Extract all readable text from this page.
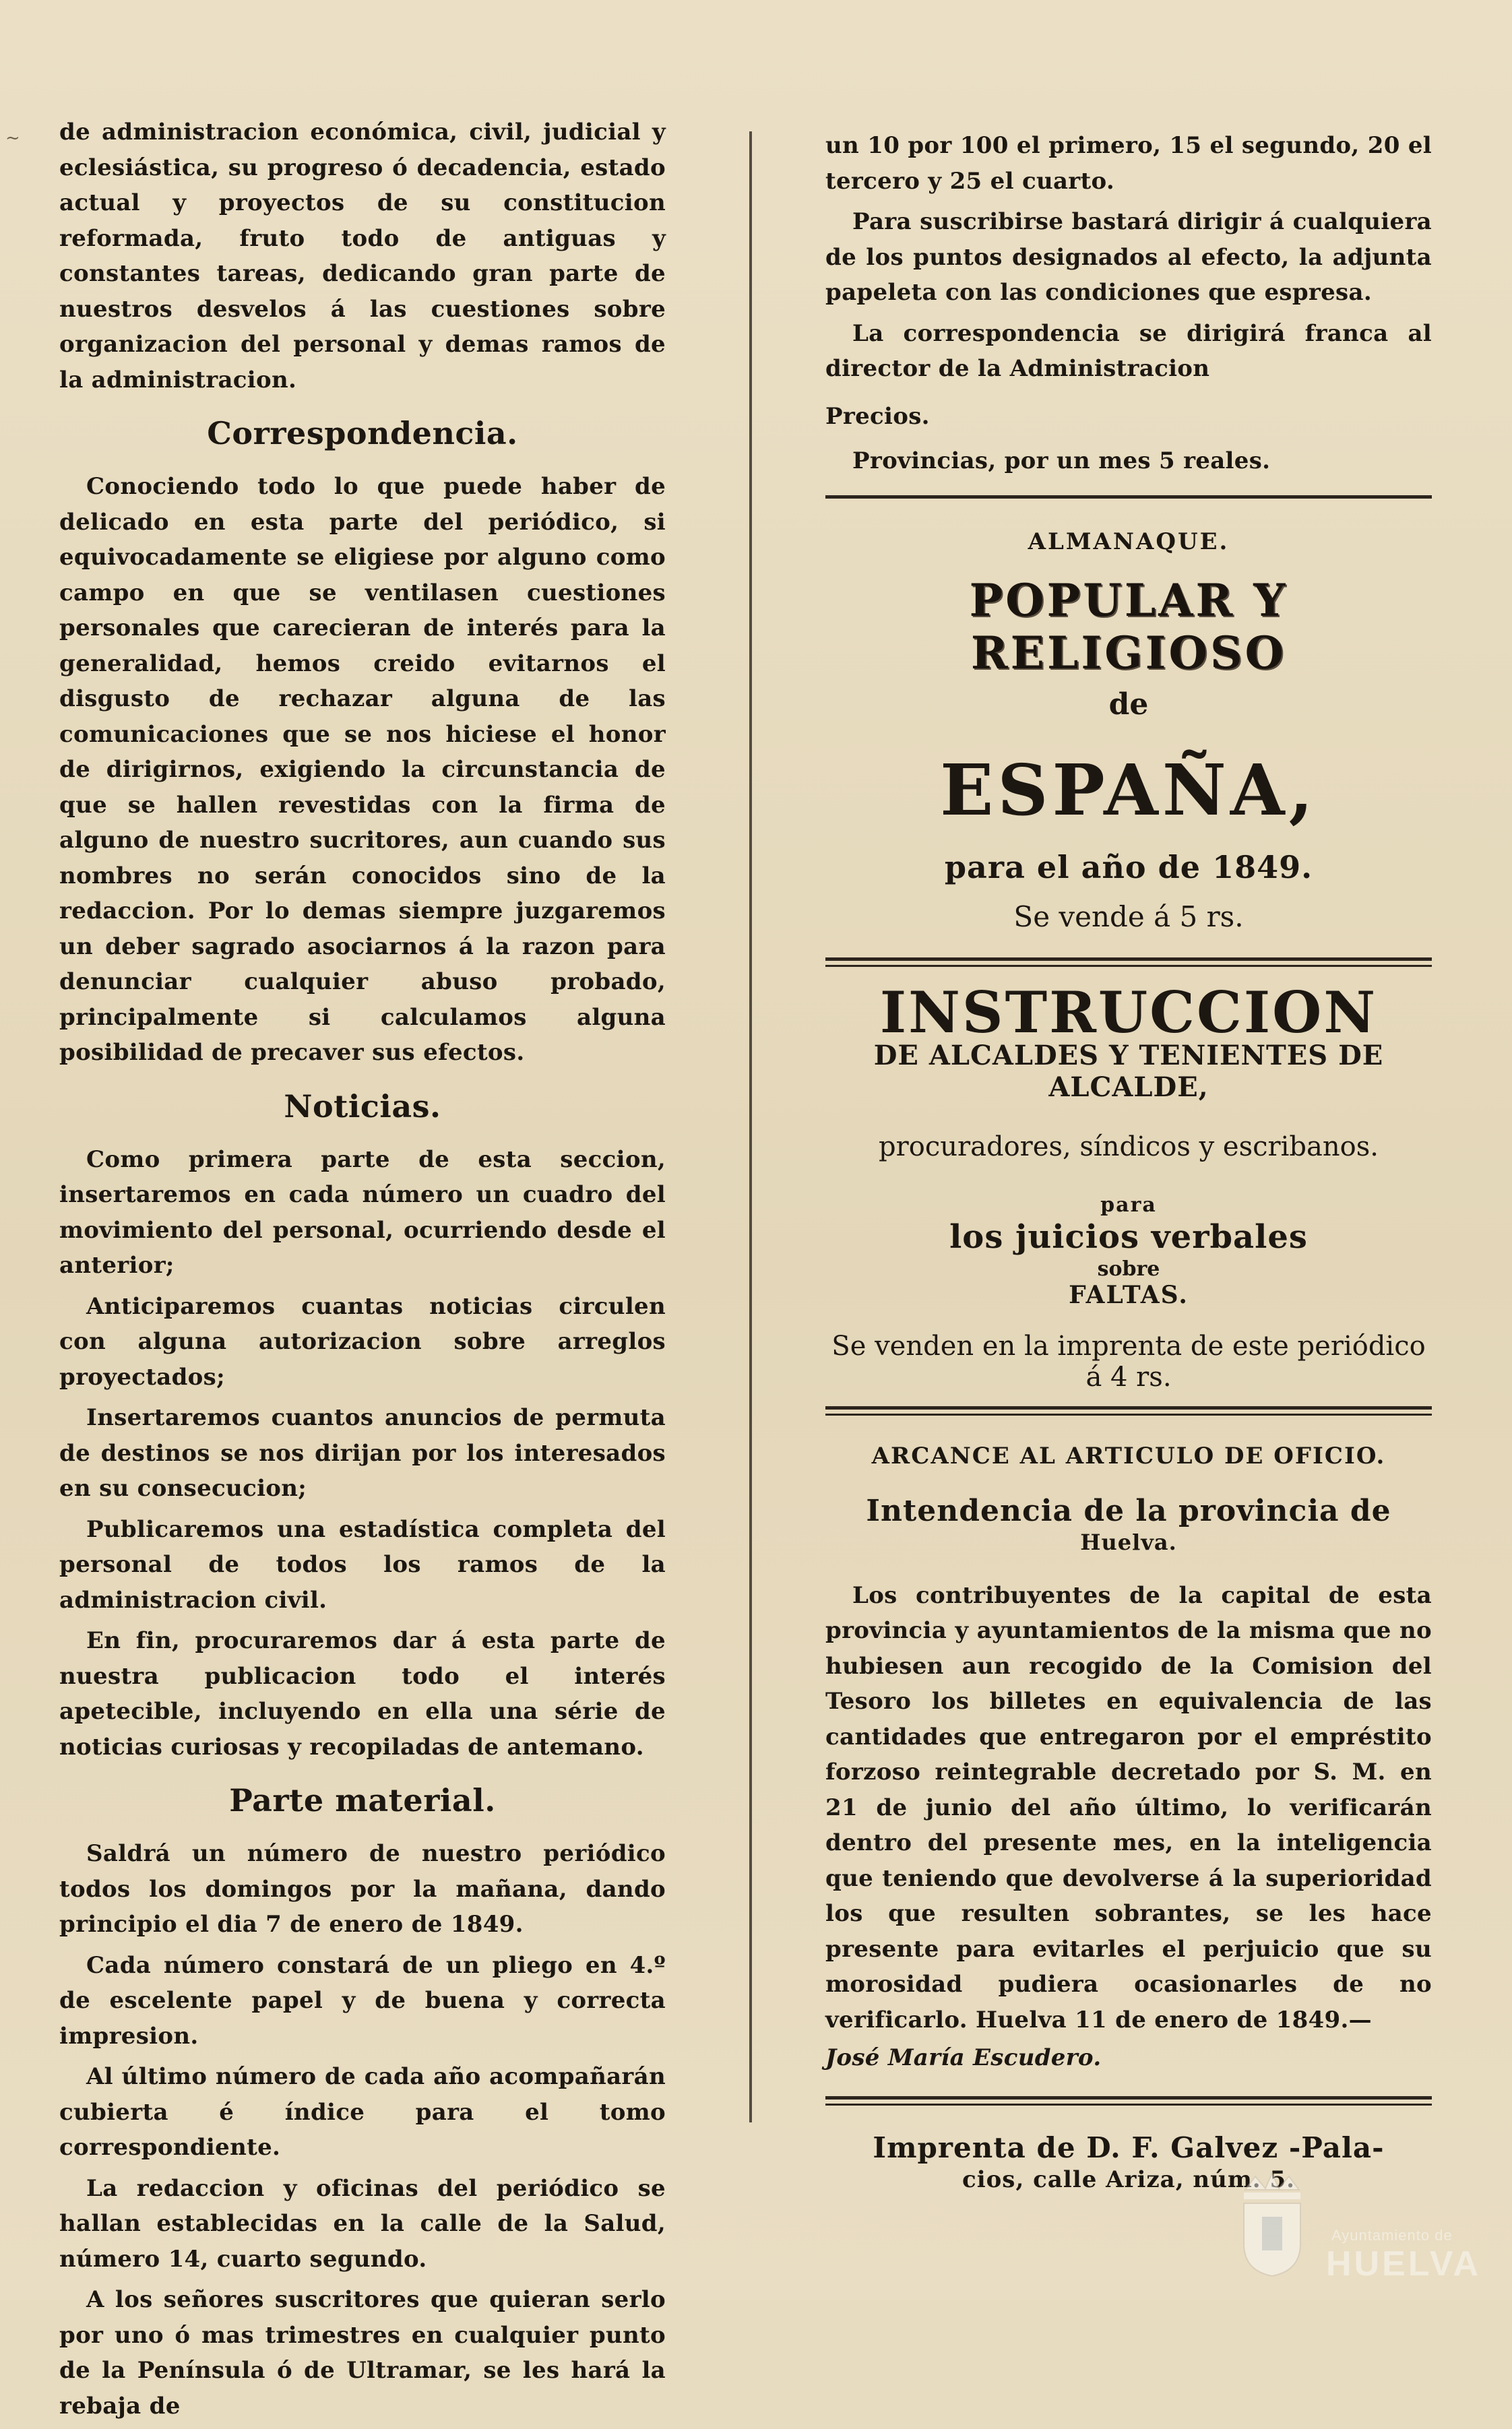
~ de administracion económica, civil, judicial y eclesiástica, su progreso ó decadencia, estado actual y proyectos de su constitucion reformada, fruto todo de antiguas y constantes tareas, dedicando gran parte de nuestros desvelos á las cuestiones sobre organizacion del personal y demas ramos de la administracion.

Correspondencia.

Conociendo todo lo que puede haber de delicado en esta parte del periódico, si equivocadamente se eligiese por alguno como campo en que se ventilasen cuestiones personales que carecieran de interés para la generalidad, hemos creido evitarnos el disgusto de rechazar alguna de las comunicaciones que se nos hiciese el honor de dirigirnos, exigiendo la circunstancia de que se hallen revestidas con la firma de alguno de nuestro sucritores, aun cuando sus nombres no serán conocidos sino de la redaccion. Por lo demas siempre juzgaremos un deber sagrado asociarnos á la razon para denunciar cualquier abuso probado, principalmente si calculamos alguna posibilidad de precaver sus efectos.

Noticias.

Como primera parte de esta seccion, insertaremos en cada número un cuadro del movimiento del personal, ocurriendo desde el anterior;

Anticiparemos cuantas noticias circulen con alguna autorizacion sobre arreglos proyectados;

Insertaremos cuantos anuncios de permuta de destinos se nos dirijan por los interesados en su consecucion;

Publicaremos una estadística completa del personal de todos los ramos de la administracion civil.

En fin, procuraremos dar á esta parte de nuestra publicacion todo el interés apetecible, incluyendo en ella una série de noticias curiosas y recopiladas de antemano.

Parte material.

Saldrá un número de nuestro periódico todos los domingos por la mañana, dando principio el dia 7 de enero de 1849.

Cada número constará de un pliego en 4.º de escelente papel y de buena y correcta impresion.

Al último número de cada año acompañarán cubierta é índice para el tomo correspondiente.

La redaccion y oficinas del periódico se hallan establecidas en la calle de la Salud, número 14, cuarto segundo.

A los señores suscritores que quieran serlo por uno ó mas trimestres en cualquier punto de la Península ó de Ultramar, se les hará la rebaja de

un 10 por 100 el primero, 15 el segundo, 20 el tercero y 25 el cuarto.

Para suscribirse bastará dirigir á cualquiera de los puntos designados al efecto, la adjunta papeleta con las condiciones que espresa.

La correspondencia se dirigirá franca al director de la Administracion

Precios.

Provincias, por un mes 5 reales.

ALMANAQUE.
POPULAR Y RELIGIOSO
de
ESPAÑA,
para el año de 1849.
Se vende á 5 rs.
INSTRUCCION
DE ALCALDES Y TENIENTES DE ALCALDE,
procuradores, síndicos y escribanos.
para
los juicios verbales
sobre
FALTAS.
Se venden en la imprenta de este periódico á 4 rs.
ARCANCE AL ARTICULO DE OFICIO.
Intendencia de la provincia de
Huelva.

Los contribuyentes de la capital de esta provincia y ayuntamientos de la misma que no hubiesen aun recogido de la Comision del Tesoro los billetes en equivalencia de las cantidades que entregaron por el empréstito forzoso reintegrable decretado por S. M. en 21 de junio del año último, lo verificarán dentro del presente mes, en la inteligencia que teniendo que devolverse á la superioridad los que resulten sobrantes, se les hace presente para evitarles el perjuicio que su morosidad pudiera ocasionarles de no verificarlo. Huelva 11 de enero de 1849.—

José María Escudero.

Imprenta de D. F. Galvez -Pala-
cios, calle Ariza, núm. 5.
Ayuntamiento de
HUELVA
